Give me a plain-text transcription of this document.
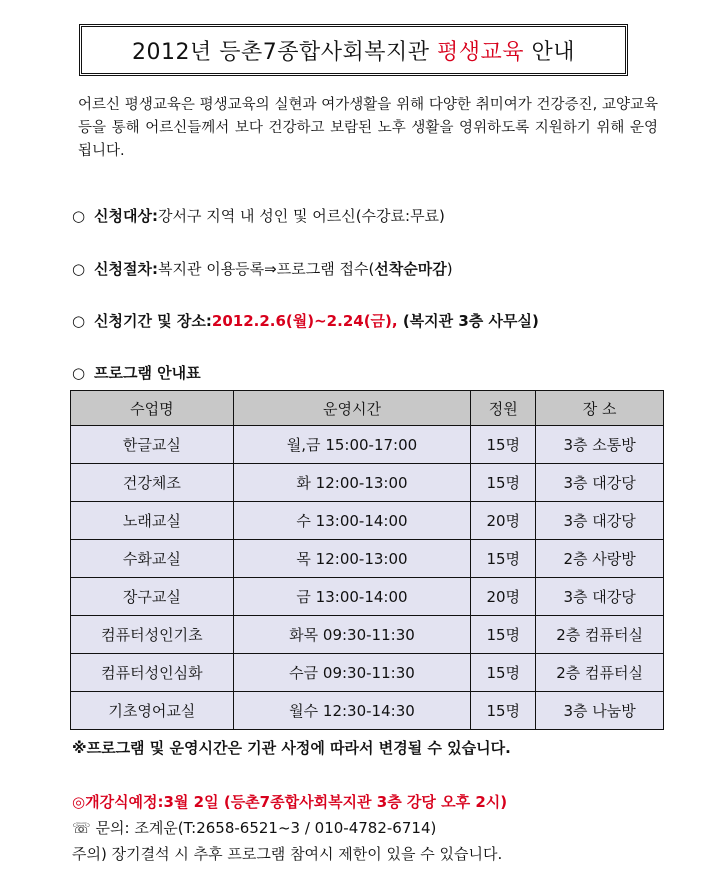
2012년 등촌7종합사회복지관 평생교육 안내
어르신 평생교육은 평생교육의 실현과 여가생활을 위해 다양한 취미여가 건강증진, 교양교육 등을 통해 어르신들께서 보다 건강하고 보람된 노후 생활을 영위하도록 지원하기 위해 운영됩니다.
○ 신청대상:강서구 지역 내 성인 및 어르신(수강료:무료)
○ 신청절차:복지관 이용등록⇒프로그램 접수(선착순마감)
○ 신청기간 및 장소:2012.2.6(월)~2.24(금), (복지관 3층 사무실)
○ 프로그램 안내표
수업명	운영시간	정원	장 소
한글교실	월,금 15:00-17:00	15명	3층 소통방
건강체조	화 12:00-13:00	15명	3층 대강당
노래교실	수 13:00-14:00	20명	3층 대강당
수화교실	목 12:00-13:00	15명	2층 사랑방
장구교실	금 13:00-14:00	20명	3층 대강당
컴퓨터성인기초	화목 09:30-11:30	15명	2층 컴퓨터실
컴퓨터성인심화	수금 09:30-11:30	15명	2층 컴퓨터실
기초영어교실	월수 12:30-14:30	15명	3층 나눔방
※프로그램 및 운영시간은 기관 사정에 따라서 변경될 수 있습니다.
◎개강식예정:3월 2일 (등촌7종합사회복지관 3층 강당 오후 2시)
☏ 문의: 조계운(T:2658-6521~3 / 010-4782-6714)
주의) 장기결석 시 추후 프로그램 참여시 제한이 있을 수 있습니다.
